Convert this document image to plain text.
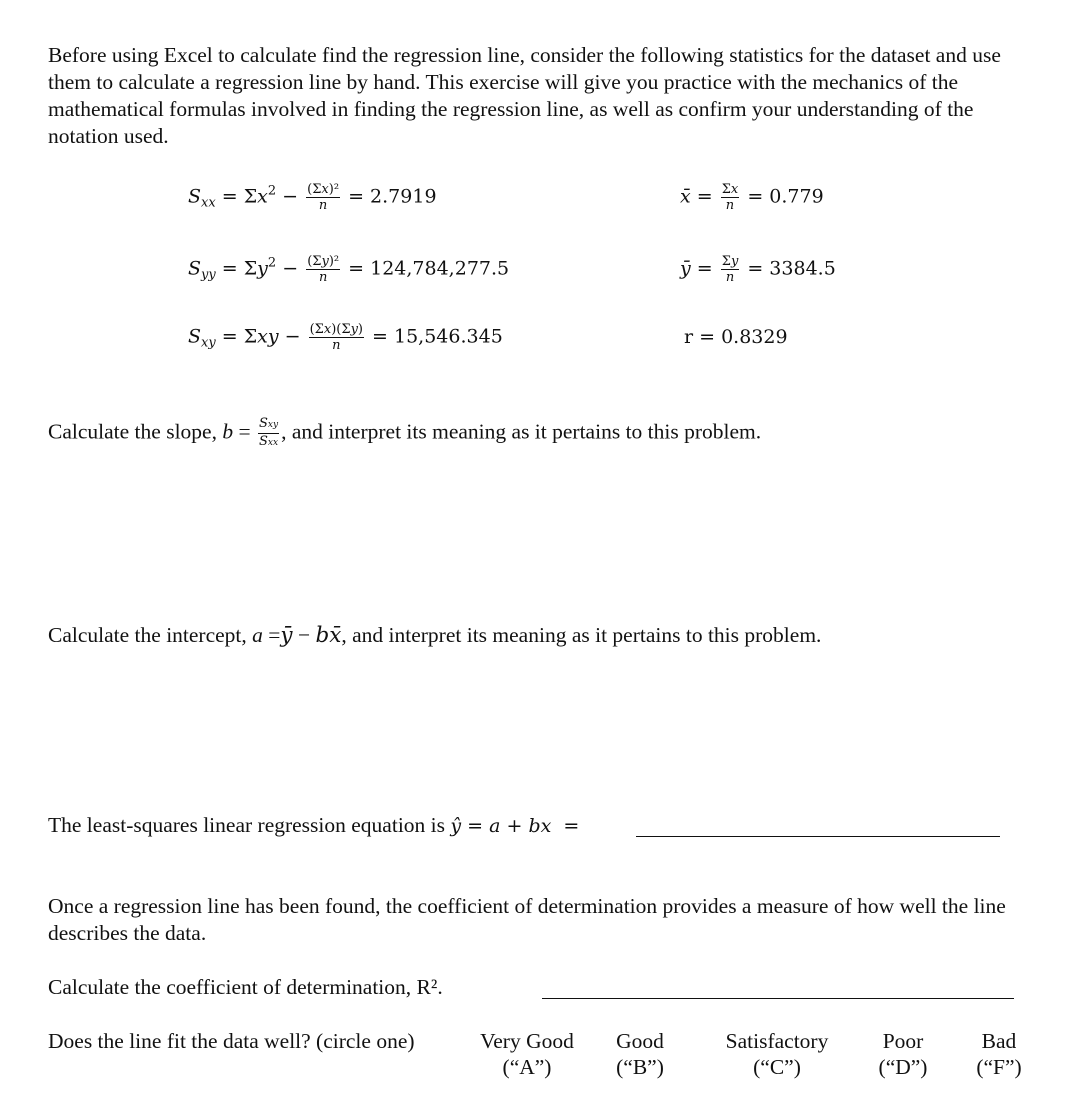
Before using Excel to calculate find the regression line, consider the following statistics for the dataset and use them to calculate a regression line by hand. This exercise will give you practice with the mechanics of the mathematical formulas involved in finding the regression line, as well as confirm your understanding of the notation used.
$S_{xx} = \Sigma x^2 - \frac{\text{(Σx)²}}{n} = 2.7919$
$S_{yy} = \Sigma y^2 - \frac{\text{(Σy)²}}{n} = 124,784,277.5$
$S_{xy} = \Sigma xy - \frac{(\Sigma x)(\Sigma y)}{n} = 15,546.345$
x̄ = $\frac{\Sigma x}{n} = 0.779$
ȳ = $\frac{\Sigma y}{n} = 3384.5$
r = 0.8329
Calculate the slope, $b = \frac{\text{Sxy}}{\text{Sxx}}$ , and interpret its meaning as it pertains to this problem.
Calculate the intercept, a =ȳ − bx̄, and interpret its meaning as it pertains to this problem.
The least-squares linear regression equation is ŷ = a + bx  =
Once a regression line has been found, the coefficient of determination provides a measure of how well the line describes the data.
Calculate the coefficient of determination, R².
Does the line fit the data well? (circle one)	Very Good
(“A”)
Good
(“B”)
Satisfactory
(“C”)
Poor
(“D”)
Bad
(“F”)
